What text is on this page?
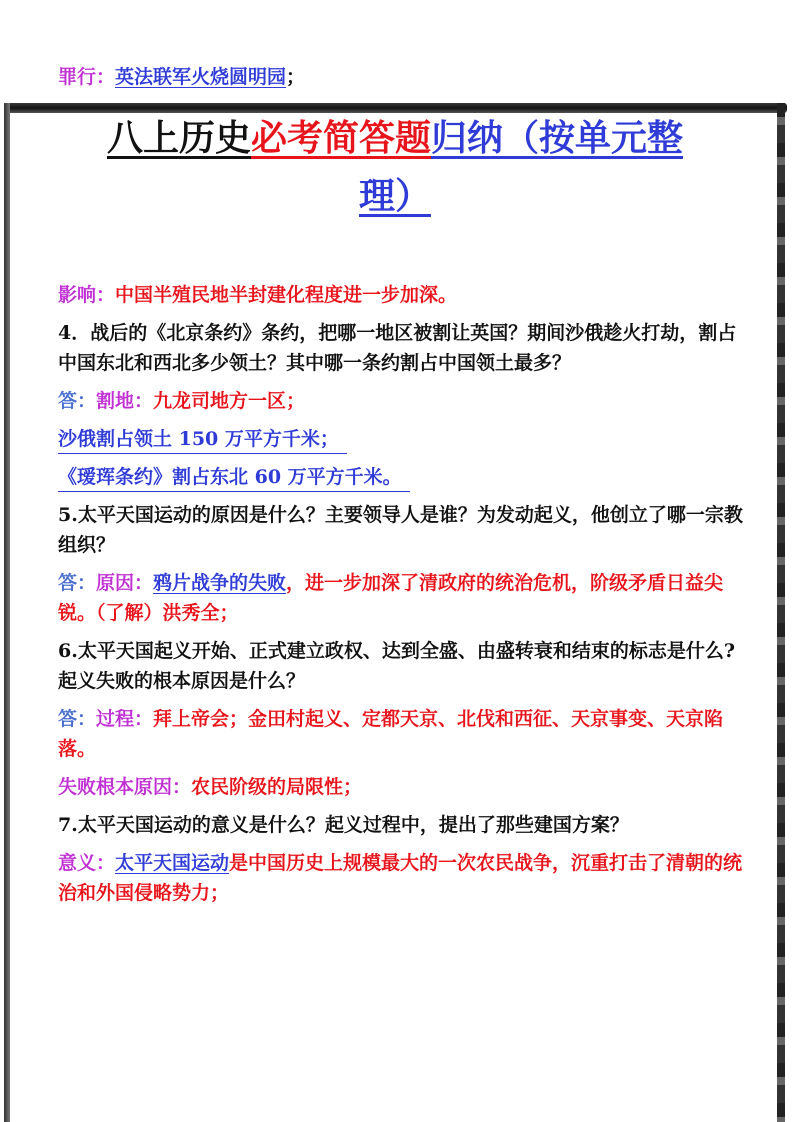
罪行：英法联军火烧圆明园；
八上历史必考简答题归纳（按单元整
理）

影响：中国半殖民地半封建化程度进一步加深。

4．战后的《北京条约》条约，把哪一地区被割让英国？期间沙俄趁火打劫，割占中国东北和西北多少领土？其中哪一条约割占中国领土最多？

答：割地：九龙司地方一区；

沙俄割占领土 150 万平方千米；

《瑷珲条约》割占东北 60 万平方千米。

5.太平天国运动的原因是什么？主要领导人是谁？为发动起义，他创立了哪一宗教组织？

答：原因：鸦片战争的失败，进一步加深了清政府的统治危机，阶级矛盾日益尖锐。（了解）洪秀全；

6.太平天国起义开始、正式建立政权、达到全盛、由盛转衰和结束的标志是什么?起义失败的根本原因是什么？

答：过程：拜上帝会；金田村起义、定都天京、北伐和西征、天京事变、天京陷落。

失败根本原因：农民阶级的局限性；

7.太平天国运动的意义是什么？起义过程中，提出了那些建国方案？

意义：太平天国运动是中国历史上规模最大的一次农民战争，沉重打击了清朝的统治和外国侵略势力；
